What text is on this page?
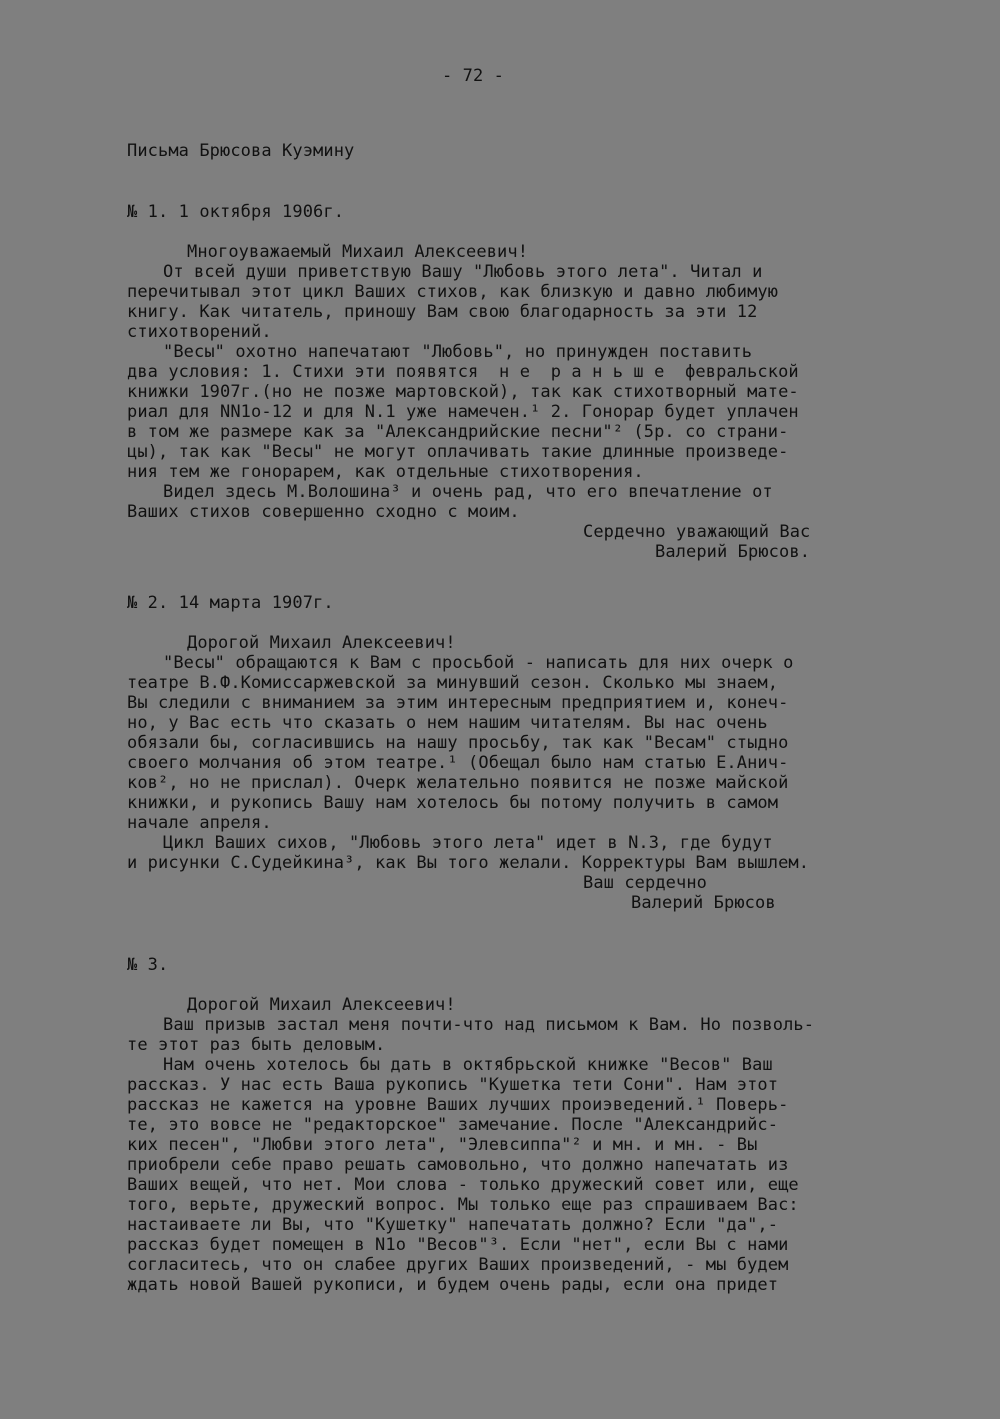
- 72 -
Письма Брюсова Куэмину
№ 1. 1 октября 1906г.
Многоуважаемый Михаил Алексеевич!
От всей души приветствую Вашу "Любовь этого лета". Читал и
перечитывал этот цикл Ваших стихов, как близкую и давно любимую
книгу. Как читатель, приношу Вам свою благодарность за эти 12
стихотворений.
"Весы" охотно напечатают "Любовь", но принужден поставить
два условия: 1. Стихи эти появятся  н е  р а н ь ш е  февральской
книжки 1907г.(но не позже мартовской), так как стихотворный мате-
риал для NN1о-12 и для N.1 уже намечен.¹ 2. Гонорар будет уплачен
в том же размере как за "Александрийские песни"² (5р. со страни-
цы), так как "Весы" не могут оплачивать такие длинные произведе-
ния тем же гонорарем, как отдельные стихотворения.
Видел здесь М.Волошина³ и очень рад, что его впечатление от
Ваших стихов совершенно сходно с моим.
Сердечно уважающий Вас
Валерий Брюсов.
№ 2. 14 марта 1907г.
Дорогой Михаил Алексеевич!
"Весы" обращаются к Вам с просьбой - написать для них очерк о
театре В.Ф.Комиссаржевской за минувший сезон. Сколько мы знаем,
Вы следили с вниманием за этим интересным предприятием и, конеч-
но, у Вас есть что сказать о нем нашим читателям. Вы нас очень
обязали бы, согласившись на нашу просьбу, так как "Весам" стыдно
своего молчания об этом театре.¹ (Обещал было нам статью Е.Анич-
ков², но не прислал). Очерк желательно появится не позже майской
книжки, и рукопись Вашу нам хотелось бы потому получить в самом
начале апреля.
Цикл Ваших сихов, "Любовь этого лета" идет в N.3, где будут
и рисунки С.Судейкина³, как Вы того желали. Корректуры Вам вышлем.
Ваш сердечно
Валерий Брюсов
№ 3.
Дорогой Михаил Алексеевич!
Ваш призыв застал меня почти-что над письмом к Вам. Но позволь-
те этот раз быть деловым.
Нам очень хотелось бы дать в октябрьской книжке "Весов" Ваш
рассказ. У нас есть Ваша рукопись "Кушетка тети Сони". Нам этот
рассказ не кажется на уровне Ваших лучших проиэведений.¹ Поверь-
те, это вовсе не "редакторское" замечание. После "Александрийс-
ких песен", "Любви этого лета", "Элевсиппа"² и мн. и мн. - Вы
приобрели себе право решать самовольно, что должно напечатать из
Ваших вещей, что нет. Мои слова - только дружеский совет или, еще
того, верьте, дружеский вопрос. Мы только еще раз спрашиваем Вас:
настаиваете ли Вы, что "Кушетку" напечатать должно? Если "да",-
рассказ будет помещен в N1о "Весов"³. Если "нет", если Вы с нами
согласитесь, что он слабее других Ваших произведений, - мы будем
ждать новой Вашей рукописи, и будем очень рады, если она придет
